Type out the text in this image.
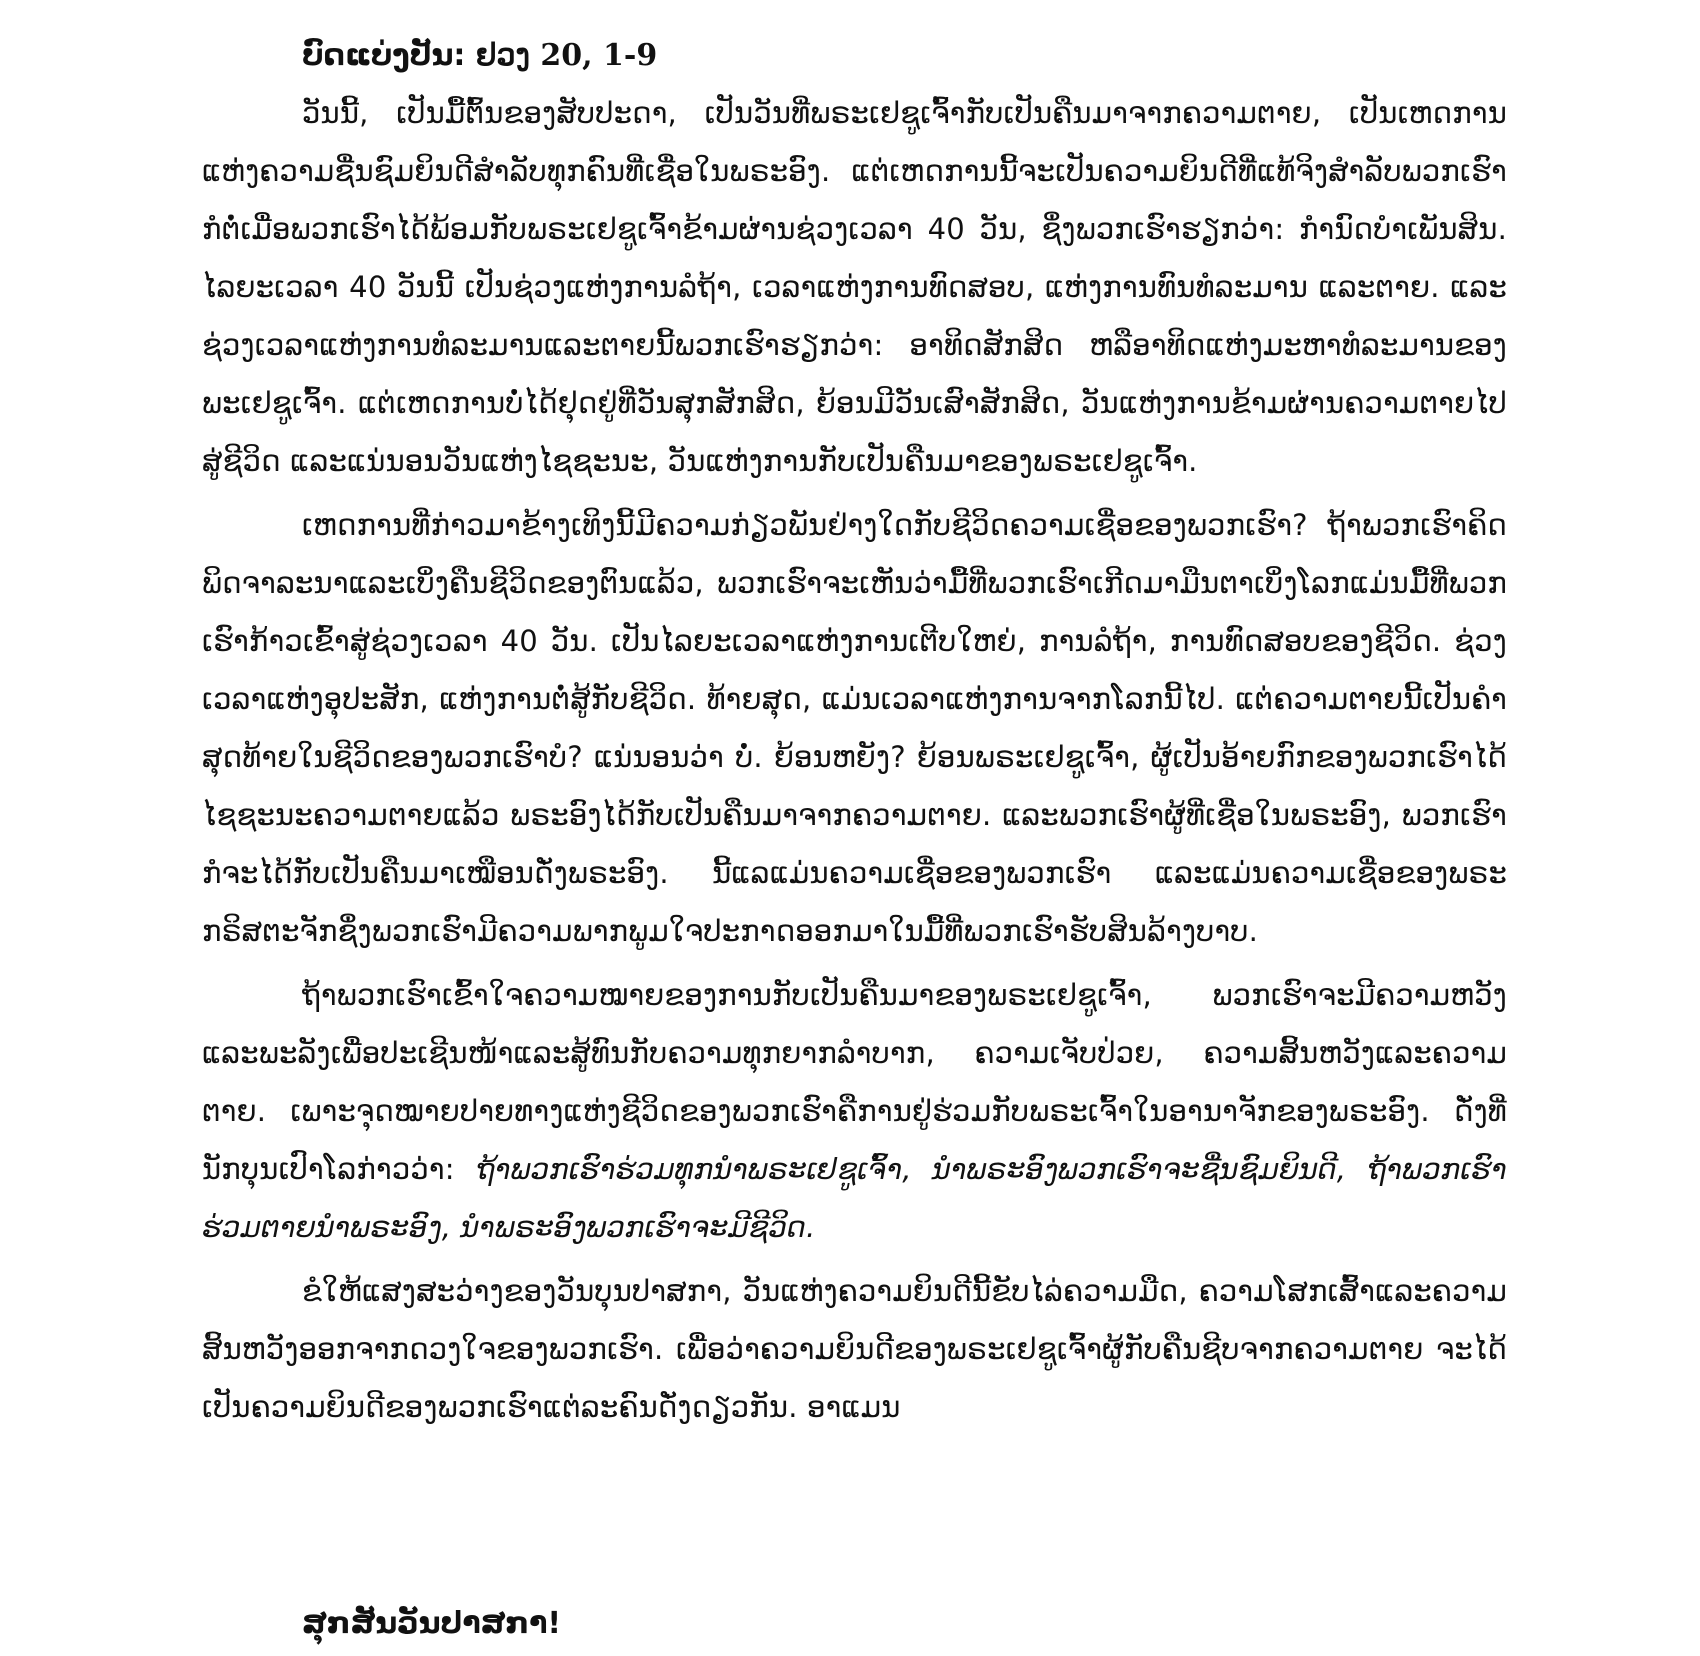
ບົດແບ່ງປັນ: ຢວງ 20, 1-9

ວັນນີ້, ເປັນມື້ຕົ້ນຂອງສັບປະດາ, ເປັນວັນທີ່ພຣະເຢຊູເຈົ້າກັບເປັນຄືນມາຈາກຄວາມຕາຍ, ເປັນເຫດການແຫ່ງຄວາມຊື່ນຊົມຍິນດີສຳລັບທຸກຄົນທີ່ເຊື່ອໃນພຣະອົງ. ແຕ່ເຫດການນີ້ຈະເປັນຄວາມຍິນດີທີ່ແທ້ຈິງສຳລັບພວກເຮົາ ກໍຕໍ່ເມື່ອພວກເຮົາໄດ້ພ້ອມກັບພຣະເຢຊູເຈົ້າຂ້າມຜ່ານຊ່ວງເວລາ 40 ວັນ, ຊຶ່ງພວກເຮົາຮຽກວ່າ: ກຳນົດບຳເພັນສິນ. ໄລຍະເວລາ 40 ວັນນີ້ ເປັນຊ່ວງແຫ່ງການລໍຖ້າ, ເວລາແຫ່ງການທົດສອບ, ແຫ່ງການທົນທໍລະມານ ແລະຕາຍ. ແລະຊ່ວງເວລາແຫ່ງການທໍລະມານແລະຕາຍນີ້ພວກເຮົາຮຽກວ່າ: ອາທິດສັກສິດ ຫລືອາທິດແຫ່ງມະຫາທໍລະມານຂອງພະເຢຊູເຈົ້າ. ແຕ່ເຫດການບໍ່ໄດ້ຢຸດຢູ່ທີ່ວັນສຸກສັກສິດ, ຍ້ອນມີວັນເສົາສັກສິດ, ວັນແຫ່ງການຂ້າມຜ່ານຄວາມຕາຍໄປສູ່ຊີວິດ ແລະແນ່ນອນວັນແຫ່ງໄຊຊະນະ, ວັນແຫ່ງການກັບເປັນຄືນມາຂອງພຣະເຢຊູເຈົ້າ.

ເຫດການທີ່ກ່າວມາຂ້າງເທິງນີ້ມີຄວາມກ່ຽວພັນຢ່າງໃດກັບຊີວິດຄວາມເຊື່ອຂອງພວກເຮົາ? ຖ້າພວກເຮົາຄິດພິດຈາລະນາແລະເບິ່ງຄືນຊີວິດຂອງຕົນແລ້ວ, ພວກເຮົາຈະເຫັນວ່າມື້ທີ່ພວກເຮົາເກີດມາມືນຕາເບິ່ງໂລກແມ່ນມື້ທີ່ພວກເຮົາກ້າວເຂົ້າສູ່ຊ່ວງເວລາ 40 ວັນ. ເປັນໄລຍະເວລາແຫ່ງການເຕີບໃຫຍ່, ການລໍຖ້າ, ການທົດສອບຂອງຊີວິດ. ຊ່ວງເວລາແຫ່ງອຸປະສັກ, ແຫ່ງການຕໍ່ສູ້ກັບຊີວິດ. ທ້າຍສຸດ, ແມ່ນເວລາແຫ່ງການຈາກໂລກນີ້ໄປ. ແຕ່ຄວາມຕາຍນີ້ເປັນຄຳສຸດທ້າຍໃນຊີວິດຂອງພວກເຮົາບໍ? ແນ່ນອນວ່າ ບໍ່. ຍ້ອນຫຍັງ? ຍ້ອນພຣະເຢຊູເຈົ້າ, ຜູ້ເປັນອ້າຍກົກຂອງພວກເຮົາໄດ້ໄຊຊະນະຄວາມຕາຍແລ້ວ ພຣະອົງໄດ້ກັບເປັນຄືນມາຈາກຄວາມຕາຍ. ແລະພວກເຮົາຜູ້ທີ່ເຊື່ອໃນພຣະອົງ, ພວກເຮົາກໍຈະໄດ້ກັບເປັນຄືນມາເໝືອນດັ່ງພຣະອົງ. ນີ້ແລແມ່ນຄວາມເຊື່ອຂອງພວກເຮົາ ແລະແມ່ນຄວາມເຊື່ອຂອງພຣະກຣິສຕະຈັກຊຶ່ງພວກເຮົາມີຄວາມພາກພູມໃຈປະກາດອອກມາໃນມື້ທີ່ພວກເຮົາຮັບສິນລ້າງບາບ.

ຖ້າພວກເຮົາເຂົ້າໃຈຄວາມໝາຍຂອງການກັບເປັນຄືນມາຂອງພຣະເຢຊູເຈົ້າ, ພວກເຮົາຈະມີຄວາມຫວັງແລະພະລັງເພື່ອປະເຊີນໜ້າແລະສູ້ທົນກັບຄວາມທຸກຍາກລຳບາກ, ຄວາມເຈັບປ່ວຍ, ຄວາມສິ້ນຫວັງແລະຄວາມຕາຍ. ເພາະຈຸດໝາຍປາຍທາງແຫ່ງຊີວິດຂອງພວກເຮົາຄືການຢູ່ຮ່ວມກັບພຣະເຈົ້າໃນອານາຈັກຂອງພຣະອົງ. ດັ່ງທີ່ນັກບຸນເປົາໂລກ່າວວ່າ: ຖ້າພວກເຮົາຮ່ວມທຸກນຳພຣະເຢຊູເຈົ້າ, ນຳພຣະອົງພວກເຮົາຈະຊື່ນຊົມຍິນດີ, ຖ້າພວກເຮົາຮ່ວມຕາຍນຳພຣະອົງ, ນຳພຣະອົງພວກເຮົາຈະມີຊີວິດ.

ຂໍໃຫ້ແສງສະວ່າງຂອງວັນບຸນປາສກາ, ວັນແຫ່ງຄວາມຍິນດີນີ້ຂັບໄລ່ຄວາມມືດ, ຄວາມໂສກເສົ້າແລະຄວາມສິ້ນຫວັງອອກຈາກດວງໃຈຂອງພວກເຮົາ. ເພື່ອວ່າຄວາມຍິນດີຂອງພຣະເຢຊູເຈົ້າຜູ້ກັບຄືນຊີບຈາກຄວາມຕາຍ ຈະໄດ້ເປັນຄວາມຍິນດີຂອງພວກເຮົາແຕ່ລະຄົນດັ່ງດຽວກັນ. ອາແມນ

ສຸກສັນວັນປາສກາ!
